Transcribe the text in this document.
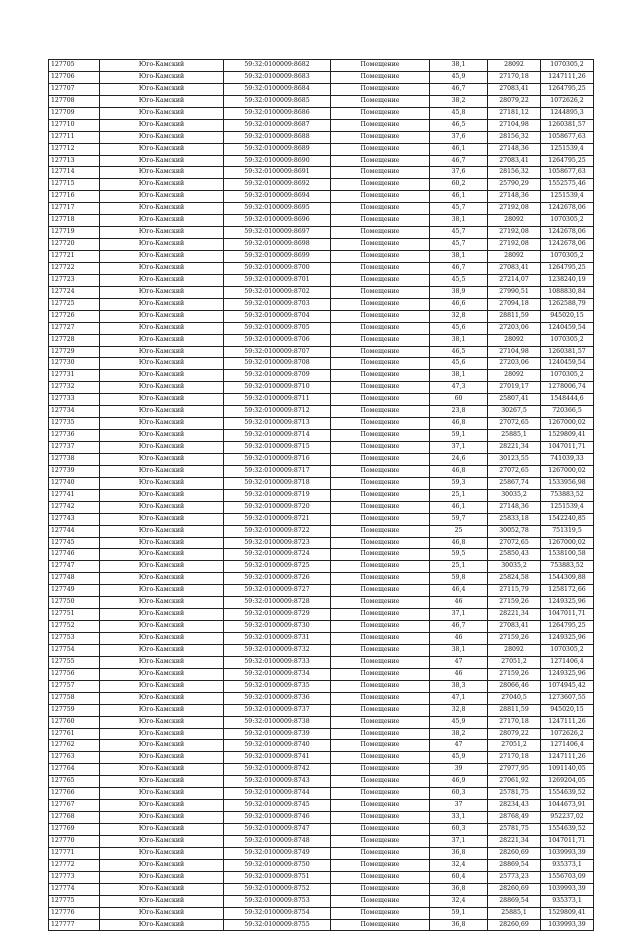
127705	Юго-Камский	59:32:0100009:8682	Помещение	38,1	28092	1070305,2
127706	Юго-Камский	59:32:0100009:8683	Помещение	45,9	27170,18	1247111,26
127707	Юго-Камский	59:32:0100009:8684	Помещение	46,7	27083,41	1264795,25
127708	Юго-Камский	59:32:0100009:8685	Помещение	38,2	28079,22	1072626,2
127709	Юго-Камский	59:32:0100009:8686	Помещение	45,8	27181,12	1244895,3
127710	Юго-Камский	59:32:0100009:8687	Помещение	46,5	27104,98	1260381,57
127711	Юго-Камский	59:32:0100009:8688	Помещение	37,6	28156,32	1058677,63
127712	Юго-Камский	59:32:0100009:8689	Помещение	46,1	27148,36	1251539,4
127713	Юго-Камский	59:32:0100009:8690	Помещение	46,7	27083,41	1264795,25
127714	Юго-Камский	59:32:0100009:8691	Помещение	37,6	28156,32	1058677,63
127715	Юго-Камский	59:32:0100009:8692	Помещение	60,2	25790,29	1552575,46
127716	Юго-Камский	59:32:0100009:8694	Помещение	46,1	27148,36	1251539,4
127717	Юго-Камский	59:32:0100009:8695	Помещение	45,7	27192,08	1242678,06
127718	Юго-Камский	59:32:0100009:8696	Помещение	38,1	28092	1070305,2
127719	Юго-Камский	59:32:0100009:8697	Помещение	45,7	27192,08	1242678,06
127720	Юго-Камский	59:32:0100009:8698	Помещение	45,7	27192,08	1242678,06
127721	Юго-Камский	59:32:0100009:8699	Помещение	38,1	28092	1070305,2
127722	Юго-Камский	59:32:0100009:8700	Помещение	46,7	27083,41	1264795,25
127723	Юго-Камский	59:32:0100009:8701	Помещение	45,5	27214,07	1238240,19
127724	Юго-Камский	59:32:0100009:8702	Помещение	38,9	27990,51	1088830,84
127725	Юго-Камский	59:32:0100009:8703	Помещение	46,6	27094,18	1262588,79
127726	Юго-Камский	59:32:0100009:8704	Помещение	32,8	28811,59	945020,15
127727	Юго-Камский	59:32:0100009:8705	Помещение	45,6	27203,06	1240459,54
127728	Юго-Камский	59:32:0100009:8706	Помещение	38,1	28092	1070305,2
127729	Юго-Камский	59:32:0100009:8707	Помещение	46,5	27104,98	1260381,57
127730	Юго-Камский	59:32:0100009:8708	Помещение	45,6	27203,06	1240459,54
127731	Юго-Камский	59:32:0100009:8709	Помещение	38,1	28092	1070305,2
127732	Юго-Камский	59:32:0100009:8710	Помещение	47,3	27019,17	1278006,74
127733	Юго-Камский	59:32:0100009:8711	Помещение	60	25807,41	1548444,6
127734	Юго-Камский	59:32:0100009:8712	Помещение	23,8	30267,5	720366,5
127735	Юго-Камский	59:32:0100009:8713	Помещение	46,8	27072,65	1267000,02
127736	Юго-Камский	59:32:0100009:8714	Помещение	59,1	25885,1	1529809,41
127737	Юго-Камский	59:32:0100009:8715	Помещение	37,1	28221,34	1047011,71
127738	Юго-Камский	59:32:0100009:8716	Помещение	24,6	30123,55	741039,33
127739	Юго-Камский	59:32:0100009:8717	Помещение	46,8	27072,65	1267000,02
127740	Юго-Камский	59:32:0100009:8718	Помещение	59,3	25867,74	1533956,98
127741	Юго-Камский	59:32:0100009:8719	Помещение	25,1	30035,2	753883,52
127742	Юго-Камский	59:32:0100009:8720	Помещение	46,1	27148,36	1251539,4
127743	Юго-Камский	59:32:0100009:8721	Помещение	59,7	25833,18	1542240,85
127744	Юго-Камский	59:32:0100009:8722	Помещение	25	30052,78	751319,5
127745	Юго-Камский	59:32:0100009:8723	Помещение	46,8	27072,65	1267000,02
127746	Юго-Камский	59:32:0100009:8724	Помещение	59,5	25850,43	1538100,58
127747	Юго-Камский	59:32:0100009:8725	Помещение	25,1	30035,2	753883,52
127748	Юго-Камский	59:32:0100009:8726	Помещение	59,8	25824,58	1544309,88
127749	Юго-Камский	59:32:0100009:8727	Помещение	46,4	27115,79	1258172,66
127750	Юго-Камский	59:32:0100009:8728	Помещение	46	27159,26	1249325,96
127751	Юго-Камский	59:32:0100009:8729	Помещение	37,1	28221,34	1047011,71
127752	Юго-Камский	59:32:0100009:8730	Помещение	46,7	27083,41	1264795,25
127753	Юго-Камский	59:32:0100009:8731	Помещение	46	27159,26	1249325,96
127754	Юго-Камский	59:32:0100009:8732	Помещение	38,1	28092	1070305,2
127755	Юго-Камский	59:32:0100009:8733	Помещение	47	27051,2	1271406,4
127756	Юго-Камский	59:32:0100009:8734	Помещение	46	27159,26	1249325,96
127757	Юго-Камский	59:32:0100009:8735	Помещение	38,3	28066,46	1074945,42
127758	Юго-Камский	59:32:0100009:8736	Помещение	47,1	27040,5	1273607,55
127759	Юго-Камский	59:32:0100009:8737	Помещение	32,8	28811,59	945020,15
127760	Юго-Камский	59:32:0100009:8738	Помещение	45,9	27170,18	1247111,26
127761	Юго-Камский	59:32:0100009:8739	Помещение	38,2	28079,22	1072626,2
127762	Юго-Камский	59:32:0100009:8740	Помещение	47	27051,2	1271406,4
127763	Юго-Камский	59:32:0100009:8741	Помещение	45,9	27170,18	1247111,26
127764	Юго-Камский	59:32:0100009:8742	Помещение	39	27977,95	1091140,05
127765	Юго-Камский	59:32:0100009:8743	Помещение	46,9	27061,92	1269204,05
127766	Юго-Камский	59:32:0100009:8744	Помещение	60,3	25781,75	1554639,52
127767	Юго-Камский	59:32:0100009:8745	Помещение	37	28234,43	1044673,91
127768	Юго-Камский	59:32:0100009:8746	Помещение	33,1	28768,49	952237,02
127769	Юго-Камский	59:32:0100009:8747	Помещение	60,3	25781,75	1554639,52
127770	Юго-Камский	59:32:0100009:8748	Помещение	37,1	28221,34	1047011,71
127771	Юго-Камский	59:32:0100009:8749	Помещение	36,8	28260,69	1039993,39
127772	Юго-Камский	59:32:0100009:8750	Помещение	32,4	28869,54	935373,1
127773	Юго-Камский	59:32:0100009:8751	Помещение	60,4	25773,23	1556703,09
127774	Юго-Камский	59:32:0100009:8752	Помещение	36,8	28260,69	1039993,39
127775	Юго-Камский	59:32:0100009:8753	Помещение	32,4	28869,54	935373,1
127776	Юго-Камский	59:32:0100009:8754	Помещение	59,1	25885,1	1529809,41
127777	Юго-Камский	59:32:0100009:8755	Помещение	36,8	28260,69	1039993,39
